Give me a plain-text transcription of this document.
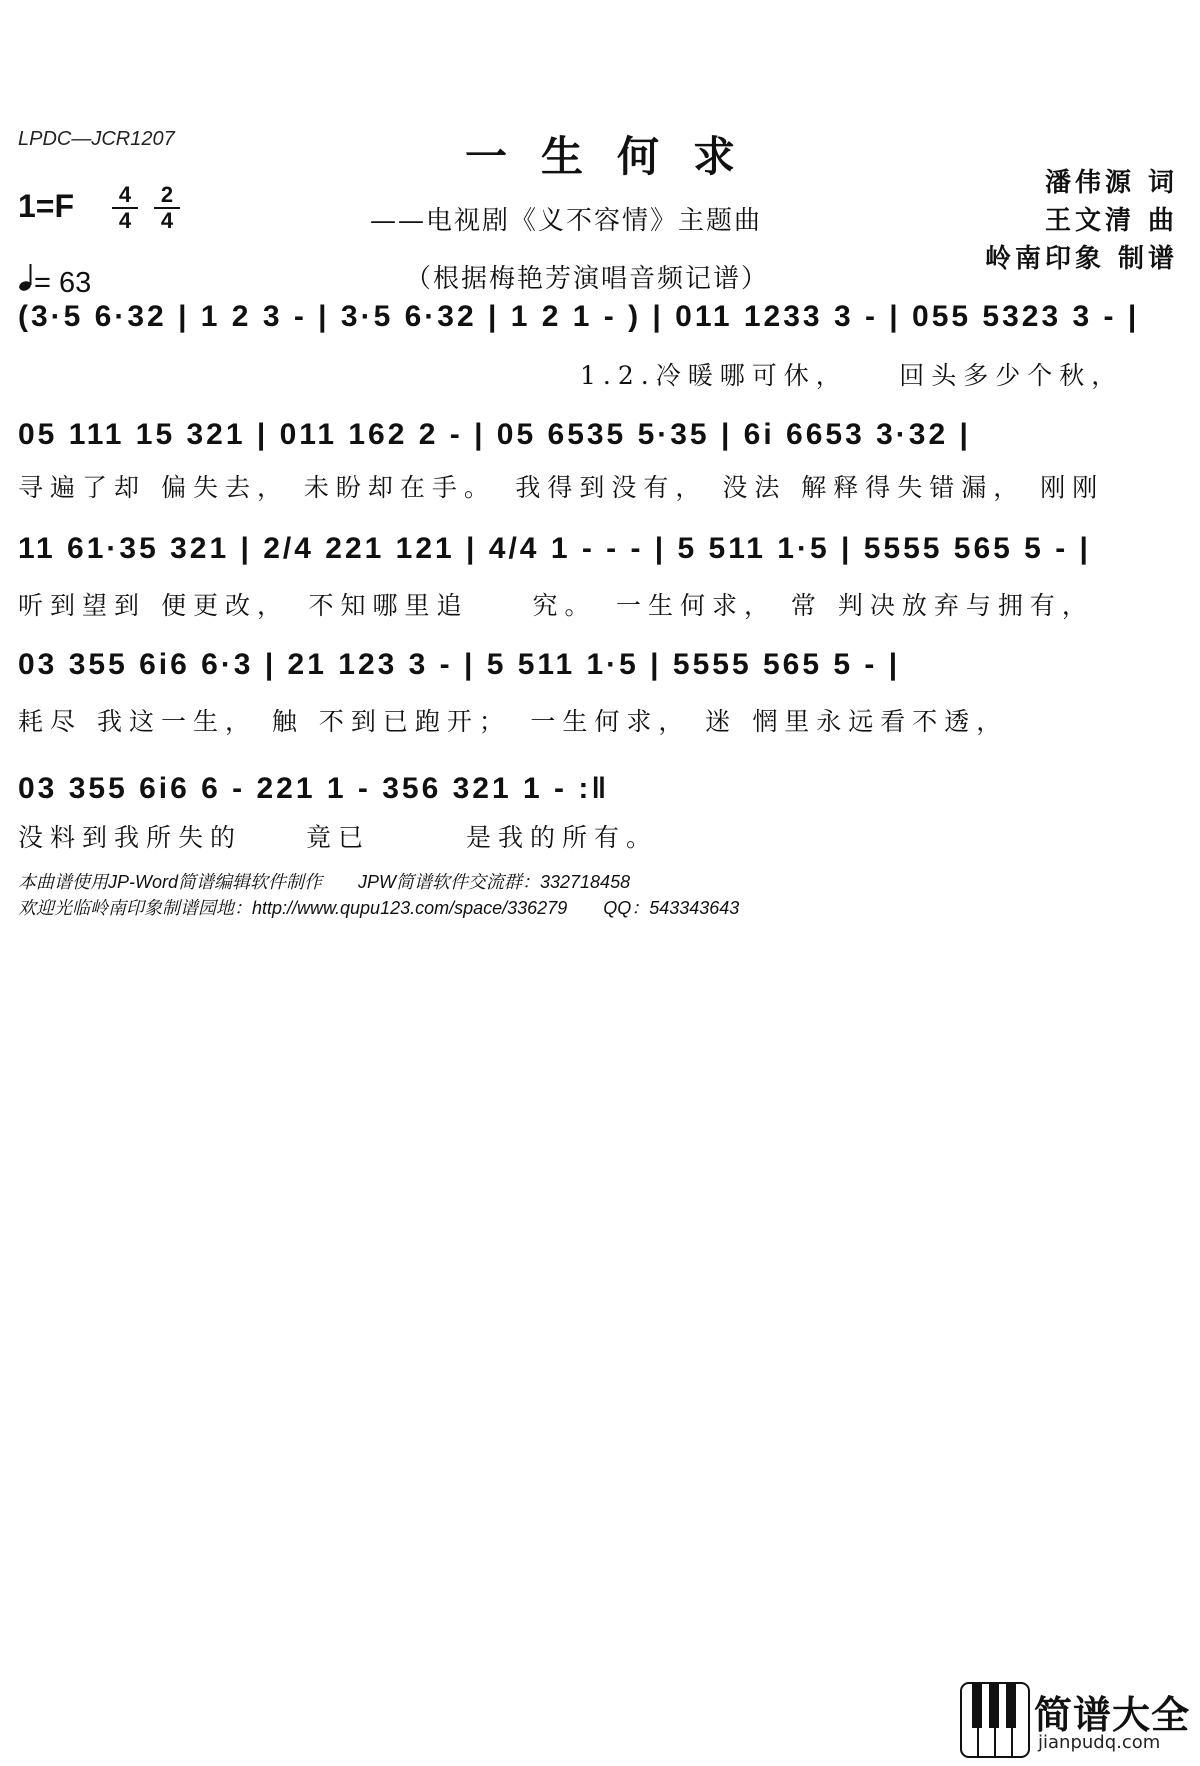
LPDC—JCR1207	一生何求
——电视剧《义不容情》主题曲
（根据梅艳芳演唱音频记谱）
1=F	4
4
2
4
= 63
潘伟源 词
王文清 曲
岭南印象 制谱
(3·5 6·32 | 1 2 3 - | 3·5 6·32 | 1 2 1 - ) | 011 1233 3 - | 055 5323 3 - |
1.2.冷暖哪可休，　　回头多少个秋，
05 111 15 321 | 011 162 2 - | 05 6535 5·35 | 6i 6653 3·32 |
寻遍了却 偏失去， 未盼却在手。　我得到没有， 没法 解释得失错漏， 刚刚
11 61·35 321 | 2/4 221 121 | 4/4 1 - - - | 5 511 1·5 | 5555 565 5 - |
听到望到 便更改，　不知哪里追　　究。　一生何求， 常 判决放弃与拥有，
03 355 6i6 6·3 | 21 123 3 - | 5 511 1·5 | 5555 565 5 - |
耗尽 我这一生， 触 不到已跑开；　一生何求， 迷 惘里永远看不透，
03 355 6i6 6 - 221 1 - 356 321 1 - :‖
没料到我所失的　　竟已　　　是我的所有。
本曲谱使用JP-Word简谱编辑软件制作　　JPW简谱软件交流群：332718458
欢迎光临岭南印象制谱园地：http://www.qupu123.com/space/336279　　QQ：543343643
简谱大全
jianpudq.com
